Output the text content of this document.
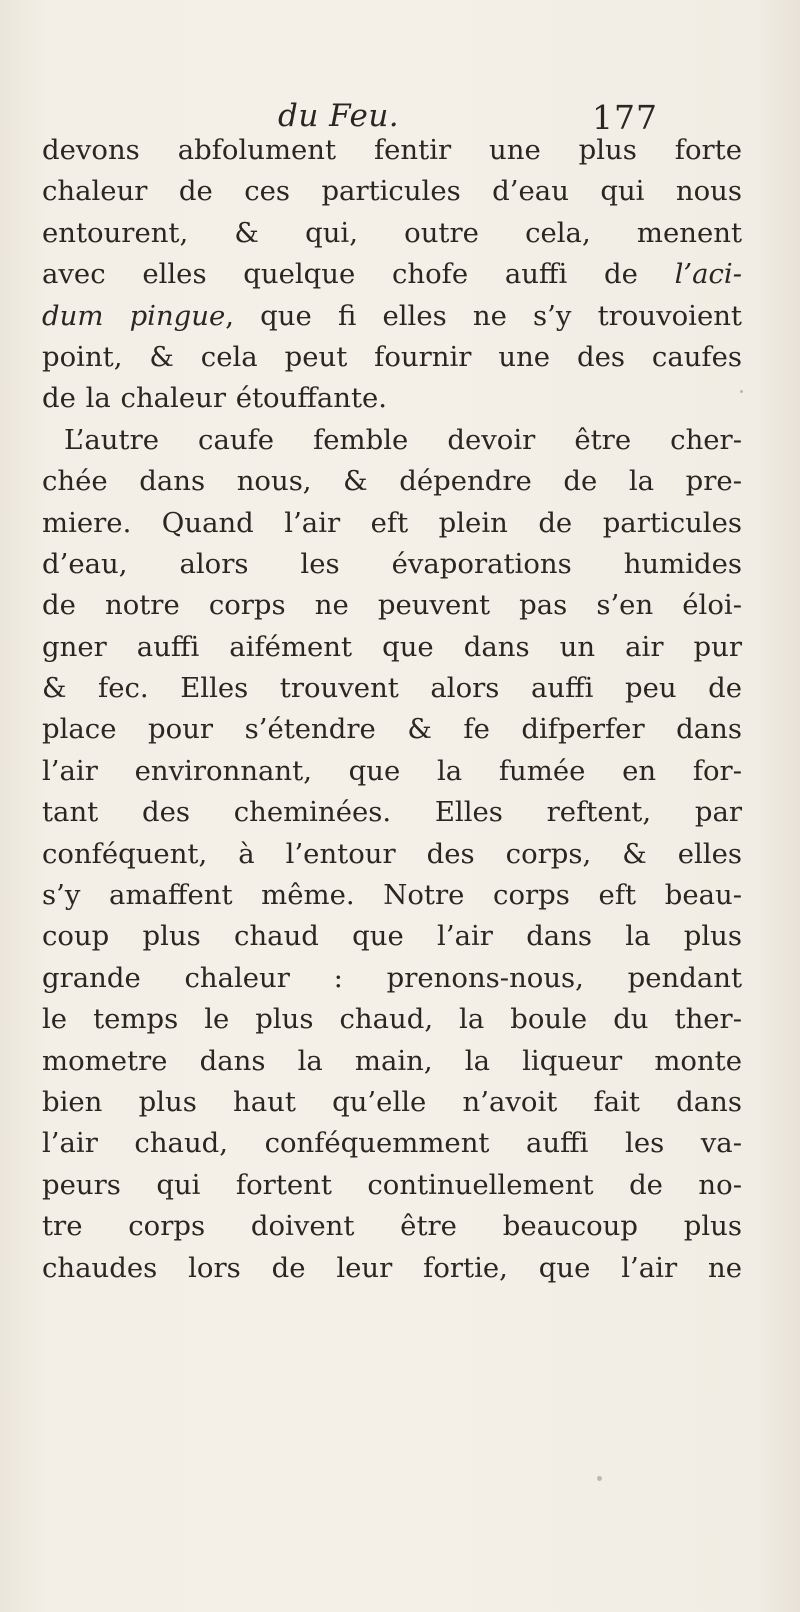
du Feu.	177
devons abfolument fentir une plus forte
chaleur de ces particules d’eau qui nous
entourent, & qui, outre cela, menent
avec elles quelque chofe auffi de l’aci-
dum pingue, que fi elles ne s’y trouvoient
point, & cela peut fournir une des caufes
de la chaleur étouffante.
L’autre caufe femble devoir être cher-
chée dans nous, & dépendre de la pre-
miere. Quand l’air eft plein de particules
d’eau, alors les évaporations humides
de notre corps ne peuvent pas s’en éloi-
gner auffi aifément que dans un air pur
& fec. Elles trouvent alors auffi peu de
place pour s’étendre & fe difperfer dans
l’air environnant, que la fumée en for-
tant des cheminées. Elles reftent, par
conféquent, à l’entour des corps, & elles
s’y amaffent même. Notre corps eft beau-
coup plus chaud que l’air dans la plus
grande chaleur : prenons-nous, pendant
le temps le plus chaud, la boule du ther-
mometre dans la main, la liqueur monte
bien plus haut qu’elle n’avoit fait dans
l’air chaud, conféquemment auffi les va-
peurs qui fortent continuellement de no-
tre corps doivent être beaucoup plus
chaudes lors de leur fortie, que l’air ne
